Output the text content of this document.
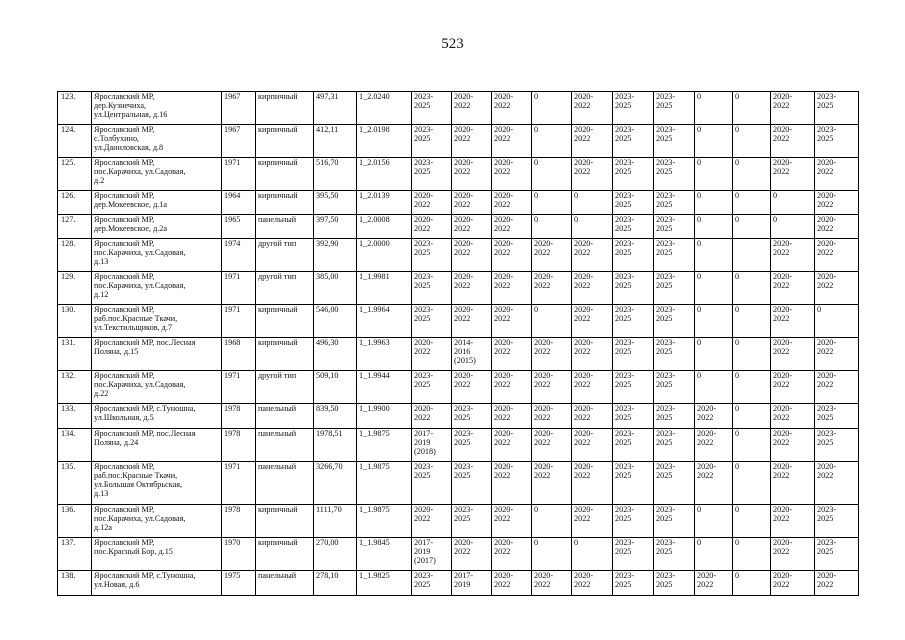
523
123.	Ярославский МР,
дер.Кузнечиха,
ул.Центральная, д.16	1967	кирпичный	497,31	1_2.0240	2023-
2025	2020-
2022	2020-
2022	0	2020-
2022	2023-
2025	2023-
2025	0	0	2020-
2022	2023-
2025
124.	Ярославский МР,
с.Толбухино,
ул.Даниловская, д.8	1967	кирпичный	412,11	1_2.0198	2023-
2025	2020-
2022	2020-
2022	0	2020-
2022	2023-
2025	2023-
2025	0	0	2020-
2022	2023-
2025
125.	Ярославский МР,
пос.Карачиха, ул.Садовая,
д.2	1971	кирпичный	516,70	1_2.0156	2023-
2025	2020-
2022	2020-
2022	0	2020-
2022	2023-
2025	2023-
2025	0	0	2020-
2022	2020-
2022
126.	Ярославский МР,
дер.Мокеевское, д.1а	1964	кирпичный	395,50	1_2.0139	2020-
2022	2020-
2022	2020-
2022	0	0	2023-
2025	2023-
2025	0	0	0	2020-
2022
127.	Ярославский МР,
дер.Мокеевское, д.2а	1965	панельный	397,50	1_2.0008	2020-
2022	2020-
2022	2020-
2022	0	0	2023-
2025	2023-
2025	0	0	0	2020-
2022
128.	Ярославский МР,
пос.Карачиха, ул.Садовая,
д.13	1974	другой тип	392,90	1_2.0000	2023-
2025	2020-
2022	2020-
2022	2020-
2022	2020-
2022	2023-
2025	2023-
2025	0		2020-
2022	2020-
2022
129.	Ярославский МР,
пос.Карачиха, ул.Садовая,
д.12	1971	другой тип	385,00	1_1.9981	2023-
2025	2020-
2022	2020-
2022	2020-
2022	2020-
2022	2023-
2025	2023-
2025	0	0	2020-
2022	2020-
2022
130.	Ярославский МР,
раб.пос.Красные Ткачи,
ул.Текстильщиков, д.7	1971	кирпичный	546,00	1_1.9964	2023-
2025	2020-
2022	2020-
2022	0	2020-
2022	2023-
2025	2023-
2025	0	0	2020-
2022	0
131.	Ярославский МР, пос.Лесная
Поляна, д.15	1968	кирпичный	496,30	1_1.9963	2020-
2022	2014-
2016
(2015)	2020-
2022	2020-
2022	2020-
2022	2023-
2025	2023-
2025	0	0	2020-
2022	2020-
2022
132.	Ярославский МР,
пос.Карачиха, ул.Садовая,
д.22	1971	другой тип	509,10	1_1.9944	2023-
2025	2020-
2022	2020-
2022	2020-
2022	2020-
2022	2023-
2025	2023-
2025	0	0	2020-
2022	2020-
2022
133.	Ярославский МР, с.Туношна,
ул.Школьная, д.5	1978	панельный	839,50	1_1.9900	2020-
2022	2023-
2025	2020-
2022	2020-
2022	2020-
2022	2023-
2025	2023-
2025	2020-
2022	0	2020-
2022	2023-
2025
134.	Ярославский МР, пос.Лесная
Поляна, д.24	1978	панельный	1978,51	1_1.9875	2017-
2019
(2018)	2023-
2025	2020-
2022	2020-
2022	2020-
2022	2023-
2025	2023-
2025	2020-
2022	0	2020-
2022	2023-
2025
135.	Ярославский МР,
раб.пос.Красные Ткачи,
ул.Большая Октябрьская,
д.13	1971	панельный	3266,70	1_1.9875	2023-
2025	2023-
2025	2020-
2022	2020-
2022	2020-
2022	2023-
2025	2023-
2025	2020-
2022	0	2020-
2022	2020-
2022
136.	Ярославский МР,
пос.Карачиха, ул.Садовая,
д.12а	1978	кирпичный	1111,70	1_1.9875	2020-
2022	2023-
2025	2020-
2022	0	2020-
2022	2023-
2025	2023-
2025	0	0	2020-
2022	2023-
2025
137.	Ярославский МР,
пос.Красный Бор, д.15	1970	кирпичный	270,00	1_1.9845	2017-
2019
(2017)	2020-
2022	2020-
2022	0	0	2023-
2025	2023-
2025	0	0	2020-
2022	2023-
2025
138.	Ярославский МР, с.Туношна,
ул.Новая, д.6	1975	панельный	278,10	1_1.9825	2023-
2025	2017-
2019	2020-
2022	2020-
2022	2020-
2022	2023-
2025	2023-
2025	2020-
2022	0	2020-
2022	2020-
2022
